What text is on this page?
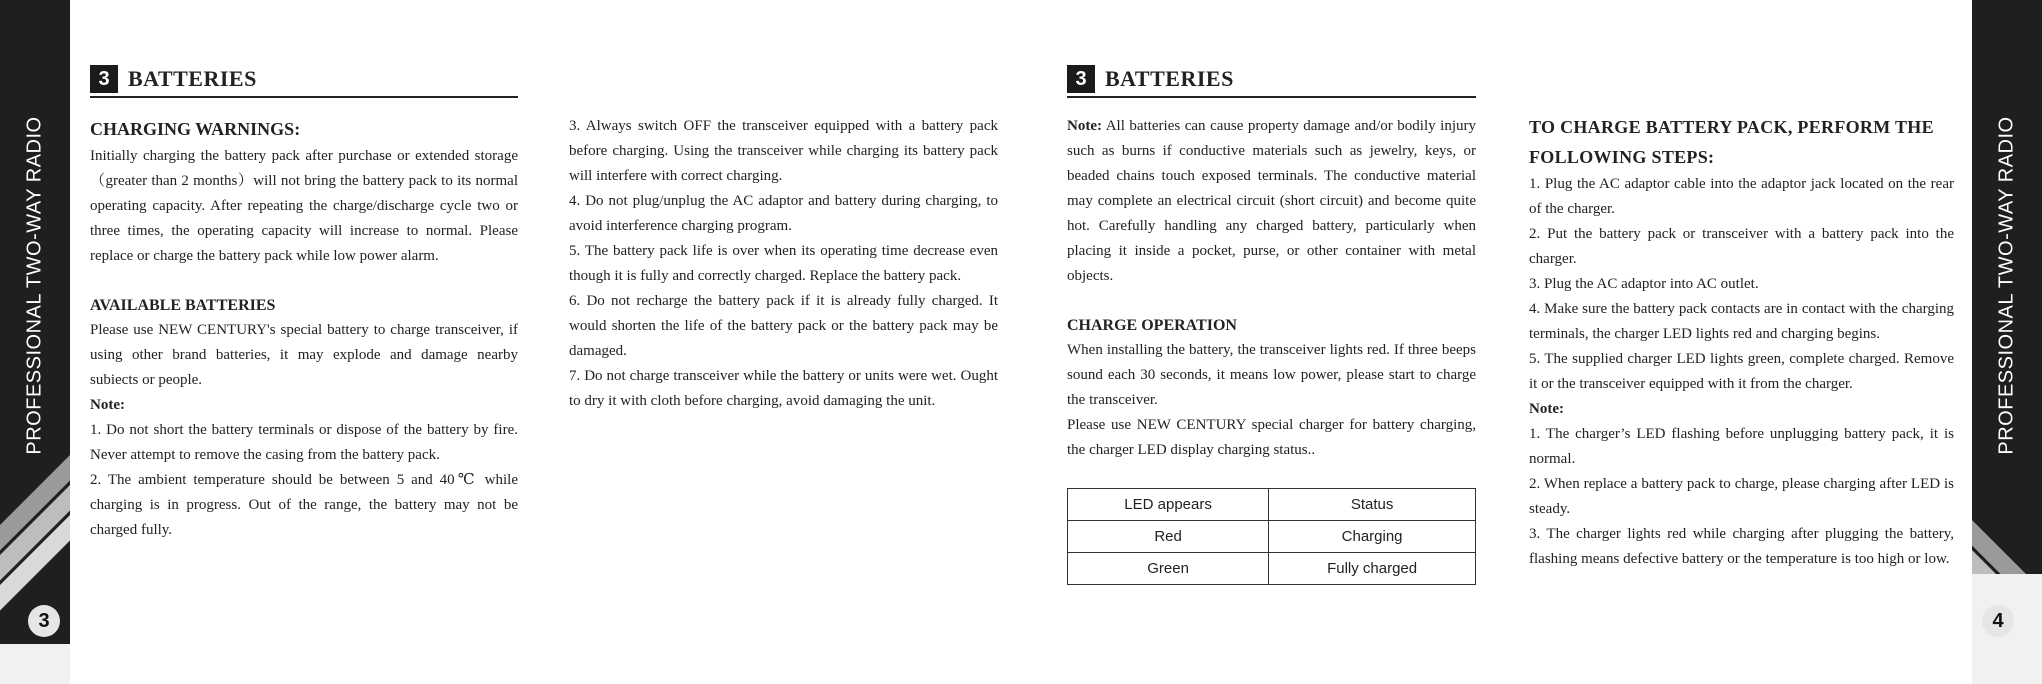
PROFESSIONAL TWO-WAY RADIO	PROFESSIONAL TWO-WAY RADIO
3	4
3 BATTERIES

CHARGING WARNINGS:

Initially charging the battery pack after purchase or extended storage（greater than 2 months）will not bring the battery pack to its normal operating capacity. After repeating the charge/discharge cycle two or three times, the operating capacity will increase to normal. Please replace or charge the battery pack while low power alarm.

AVAILABLE BATTERIES

Please use NEW CENTURY's special battery to charge transceiver, if using other brand batteries, it may explode and damage nearby subiects or people.

Note:

1. Do not short the battery terminals or dispose of the battery by fire. Never attempt to remove the casing from the battery pack.

2. The ambient temperature should be between 5 and 40℃ while charging is in progress. Out of the range, the battery may not be charged fully.

3. Always switch OFF the transceiver equipped with a battery pack before charging. Using the transceiver while charging its battery pack will interfere with correct charging.

4. Do not plug/unplug the AC adaptor and battery during charging, to avoid interference charging program.

5. The battery pack life is over when its operating time decrease even though it is fully and correctly charged. Replace the battery pack.

6. Do not recharge the battery pack if it is already fully charged. It would shorten the life of the battery pack or the battery pack may be damaged.

7. Do not charge transceiver while the battery or units were wet. Ought to dry it with cloth before charging, avoid damaging the unit.

3 BATTERIES

Note: All batteries can cause property damage and/or bodily injury such as burns if conductive materials such as jewelry, keys, or beaded chains touch exposed terminals. The conductive material may complete an electrical circuit (short circuit) and become quite hot. Carefully handling any charged battery, particularly when placing it inside a pocket, purse, or other container with metal objects.

CHARGE OPERATION

When installing the battery, the transceiver lights red. If three beeps sound each 30 seconds, it means low power, please start to charge the transceiver.

Please use NEW CENTURY special charger for battery charging, the charger LED display charging status..

LED appears	Status
Red	Charging
Green	Fully charged

TO CHARGE BATTERY PACK, PERFORM THE FOLLOWING STEPS:

1. Plug the AC adaptor cable into the adaptor jack located on the rear of the charger.

2. Put the battery pack or transceiver with a battery pack into the charger.

3. Plug the AC adaptor into AC outlet.

4. Make sure the battery pack contacts are in contact with the charging terminals, the charger LED lights red and charging begins.

5. The supplied charger LED lights green, complete charged. Remove it or the transceiver equipped with it from the charger.

Note:

1. The charger’s LED flashing before unplugging battery pack, it is normal.

2. When replace a battery pack to charge, please charging after LED is steady.

3. The charger lights red while charging after plugging the battery, flashing means defective battery or the temperature is too high or low.
